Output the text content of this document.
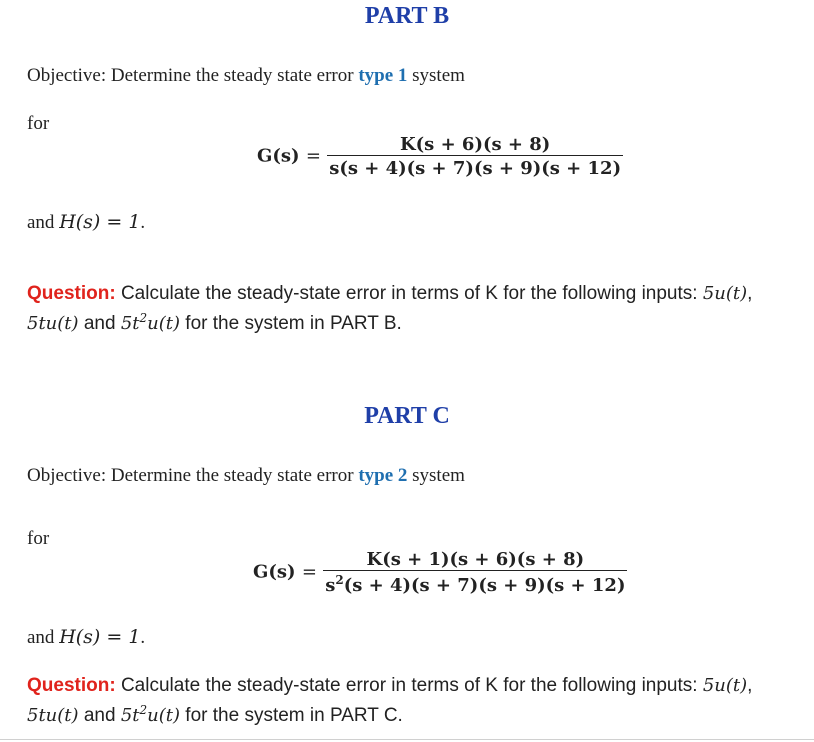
PART B
Objective: Determine the steady state error type 1 system
for
$G(s) = \frac{K(s + 6)(s + 8)}{s(s + 4)(s + 7)(s + 9)(s + 12)}$
and H(s) = 1.
Question: Calculate the steady-state error in terms of K for the following inputs: 5u(t), 5tu(t) and $5t^2u(t)$ for the system in PART B.
PART C
Objective: Determine the steady state error type 2 system
for
$G(s) = \frac{K(s + 1)(s + 6)(s + 8)}{s^2(s + 4)(s + 7)(s + 9)(s + 12)}$
and H(s) = 1.
Question: Calculate the steady-state error in terms of K for the following inputs: 5u(t), 5tu(t) and $5t^2u(t)$ for the system in PART C.
